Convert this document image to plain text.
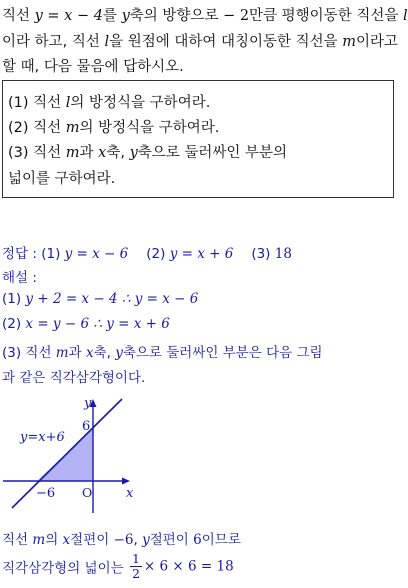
직선 y = x − 4를 y축의 방향으로 − 2만큼 평행이동한 직선을 l
이라 하고, 직선 l을 원점에 대하여 대칭이동한 직선을 m이라고
할 때, 다음 물음에 답하시오.
(1) 직선 l의 방정식을 구하여라.
(2) 직선 m의 방정식을 구하여라.
(3) 직선 m과 x축, y축으로 둘러싸인 부분의
넓이를 구하여라.
정답 : (1) y = x − 6 (2) y = x + 6 (3) 18
해설 :
(1) y + 2 = x − 4 ∴ y = x − 6
(2) x = y − 6 ∴ y = x + 6
(3) 직선 m과 x축, y축으로 둘러싸인 부분은 다음 그림
과 같은 직각삼각형이다.
y
x
O
y=x+6
6
−6
직선 m의 x절편이 −6, y절편이 6이므로
직각삼각형의 넓이는 $\frac{1}{2} \times 6 \times 6 = 18$
